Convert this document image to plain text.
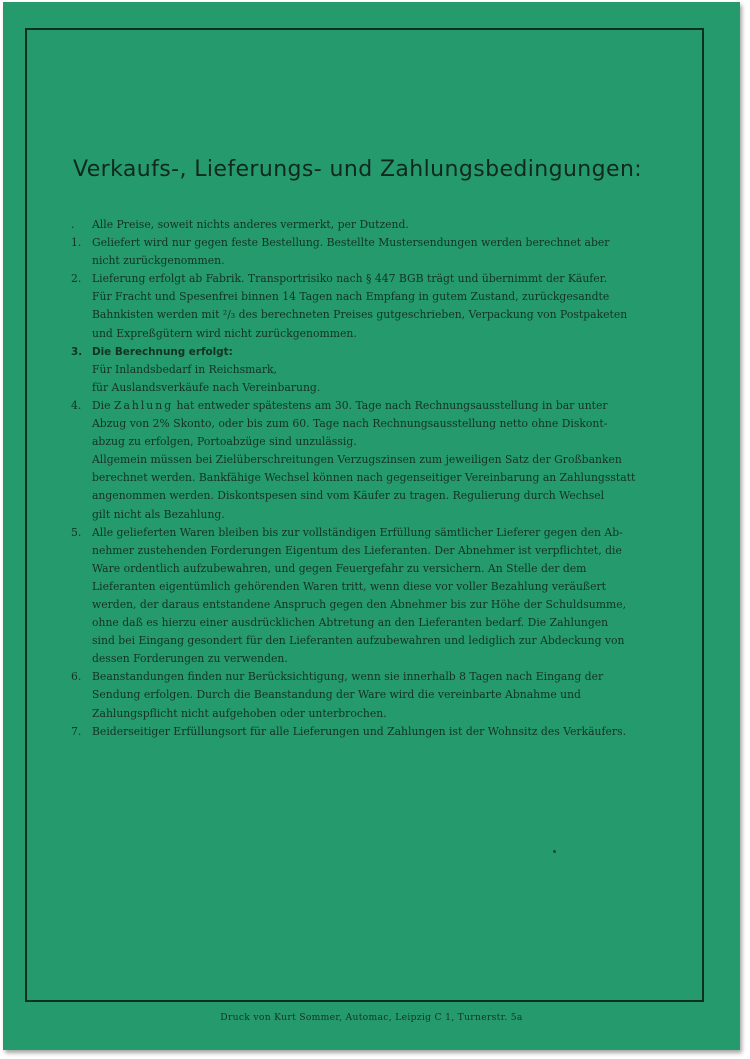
Verkaufs-, Lieferungs- und Zahlungsbedingungen:
.	Alle Preise, soweit nichts anderes vermerkt, per Dutzend.
1. Geliefert wird nur gegen feste Bestellung. Bestellte Mustersendungen werden berechnet aber
nicht zurückgenommen.
2. Lieferung erfolgt ab Fabrik. Transportrisiko nach § 447 BGB trägt und übernimmt der Käufer.
Für Fracht und Spesenfrei binnen 14 Tagen nach Empfang in gutem Zustand, zurückgesandte
Bahnkisten werden mit ²/₃ des berechneten Preises gutgeschrieben, Verpackung von Postpaketen
und Expreßgütern wird nicht zurückgenommen.
3. Die Berechnung erfolgt:
Für Inlandsbedarf in Reichsmark,
für Auslandsverkäufe nach Vereinbarung.
4. Die Zahlung hat entweder spätestens am 30. Tage nach Rechnungsausstellung in bar unter
Abzug von 2% Skonto, oder bis zum 60. Tage nach Rechnungsausstellung netto ohne Diskont-
abzug zu erfolgen, Portoabzüge sind unzulässig.
Allgemein müssen bei Zielüberschreitungen Verzugszinsen zum jeweiligen Satz der Großbanken
berechnet werden. Bankfähige Wechsel können nach gegenseitiger Vereinbarung an Zahlungsstatt
angenommen werden. Diskontspesen sind vom Käufer zu tragen. Regulierung durch Wechsel
gilt nicht als Bezahlung.
5. Alle gelieferten Waren bleiben bis zur vollständigen Erfüllung sämtlicher Lieferer gegen den Ab-
nehmer zustehenden Forderungen Eigentum des Lieferanten. Der Abnehmer ist verpflichtet, die
Ware ordentlich aufzubewahren, und gegen Feuergefahr zu versichern. An Stelle der dem
Lieferanten eigentümlich gehörenden Waren tritt, wenn diese vor voller Bezahlung veräußert
werden, der daraus entstandene Anspruch gegen den Abnehmer bis zur Höhe der Schuldsumme,
ohne daß es hierzu einer ausdrücklichen Abtretung an den Lieferanten bedarf. Die Zahlungen
sind bei Eingang gesondert für den Lieferanten aufzubewahren und lediglich zur Abdeckung von
dessen Forderungen zu verwenden.
6. Beanstandungen finden nur Berücksichtigung, wenn sie innerhalb 8 Tagen nach Eingang der
Sendung erfolgen. Durch die Beanstandung der Ware wird die vereinbarte Abnahme und
Zahlungspflicht nicht aufgehoben oder unterbrochen.
7. Beiderseitiger Erfüllungsort für alle Lieferungen und Zahlungen ist der Wohnsitz des Verkäufers.
Druck von Kurt Sommer, Automac, Leipzig C 1, Turnerstr. 5a
